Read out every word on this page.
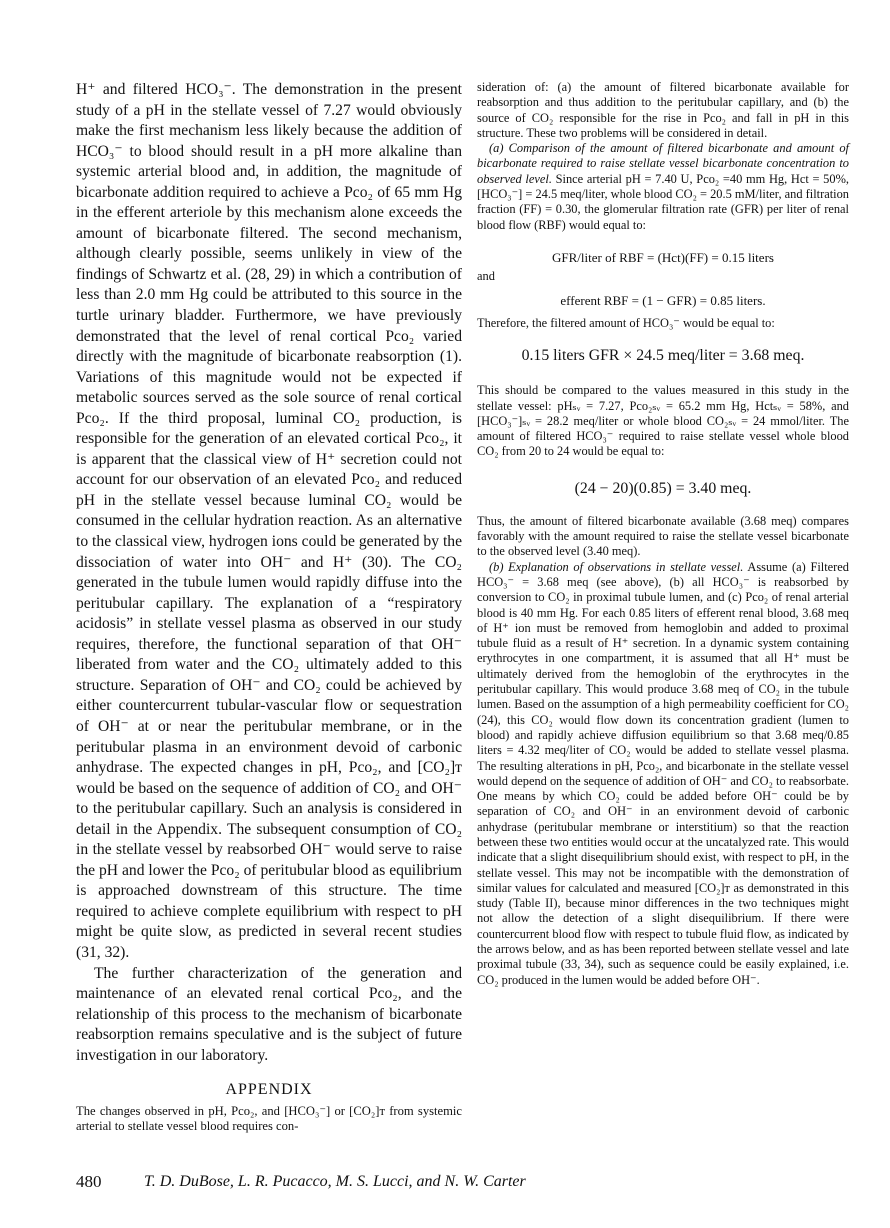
H⁺ and filtered HCO₃⁻. The demonstration in the present study of a pH in the stellate vessel of 7.27 would obviously make the first mechanism less likely because the addition of HCO₃⁻ to blood should result in a pH more alkaline than systemic arterial blood and, in addition, the magnitude of bicarbonate addition required to achieve a Pco₂ of 65 mm Hg in the efferent arteriole by this mechanism alone exceeds the amount of bicarbonate filtered. The second mechanism, although clearly possible, seems unlikely in view of the findings of Schwartz et al. (28, 29) in which a contribution of less than 2.0 mm Hg could be attributed to this source in the turtle urinary bladder. Furthermore, we have previously demonstrated that the level of renal cortical Pco₂ varied directly with the magnitude of bicarbonate reabsorption (1). Variations of this magnitude would not be expected if metabolic sources served as the sole source of renal cortical Pco₂. If the third proposal, luminal CO₂ production, is responsible for the generation of an elevated cortical Pco₂, it is apparent that the classical view of H⁺ secretion could not account for our observation of an elevated Pco₂ and reduced pH in the stellate vessel because luminal CO₂ would be consumed in the cellular hydration reaction. As an alternative to the classical view, hydrogen ions could be generated by the dissociation of water into OH⁻ and H⁺ (30). The CO₂ generated in the tubule lumen would rapidly diffuse into the peritubular capillary. The explanation of a “respiratory acidosis” in stellate vessel plasma as observed in our study requires, therefore, the functional separation of that OH⁻ liberated from water and the CO₂ ultimately added to this structure. Separation of OH⁻ and CO₂ could be achieved by either countercurrent tubular-vascular flow or sequestration of OH⁻ at or near the peritubular membrane, or in the peritubular plasma in an environment devoid of carbonic anhydrase. The expected changes in pH, Pco₂, and [CO₂]ᴛ would be based on the sequence of addition of CO₂ and OH⁻ to the peritubular capillary. Such an analysis is considered in detail in the Appendix. The subsequent consumption of CO₂ in the stellate vessel by reabsorbed OH⁻ would serve to raise the pH and lower the Pco₂ of peritubular blood as equilibrium is approached downstream of this structure. The time required to achieve complete equilibrium with respect to pH might be quite slow, as predicted in several recent studies (31, 32).

The further characterization of the generation and maintenance of an elevated renal cortical Pco₂, and the relationship of this process to the mechanism of bicarbonate reabsorption remains speculative and is the subject of future investigation in our laboratory.

APPENDIX

The changes observed in pH, Pco₂, and [HCO₃⁻] or [CO₂]ᴛ from systemic arterial to stellate vessel blood requires con-

sideration of: (a) the amount of filtered bicarbonate available for reabsorption and thus addition to the peritubular capillary, and (b) the source of CO₂ responsible for the rise in Pco₂ and fall in pH in this structure. These two problems will be considered in detail.

(a) Comparison of the amount of filtered bicarbonate and amount of bicarbonate required to raise stellate vessel bicarbonate concentration to observed level. Since arterial pH = 7.40 U, Pco₂ =40 mm Hg, Hct = 50%, [HCO₃⁻] = 24.5 meq/liter, whole blood CO₂ = 20.5 mM/liter, and filtration fraction (FF) = 0.30, the glomerular filtration rate (GFR) per liter of renal blood flow (RBF) would equal to:

GFR/liter of RBF = (Hct)(FF) = 0.15 liters
and
efferent RBF = (1 − GFR) = 0.85 liters.

Therefore, the filtered amount of HCO₃⁻ would be equal to:

0.15 liters GFR × 24.5 meq/liter = 3.68 meq.

This should be compared to the values measured in this study in the stellate vessel: pHₛᵥ = 7.27, Pco₂ₛᵥ = 65.2 mm Hg, Hctₛᵥ = 58%, and [HCO₃⁻]ₛᵥ = 28.2 meq/liter or whole blood CO₂ₛᵥ = 24 mmol/liter. The amount of filtered HCO₃⁻ required to raise stellate vessel whole blood CO₂ from 20 to 24 would be equal to:

(24 − 20)(0.85) = 3.40 meq.

Thus, the amount of filtered bicarbonate available (3.68 meq) compares favorably with the amount required to raise the stellate vessel bicarbonate to the observed level (3.40 meq).

(b) Explanation of observations in stellate vessel. Assume (a) Filtered HCO₃⁻ = 3.68 meq (see above), (b) all HCO₃⁻ is reabsorbed by conversion to CO₂ in proximal tubule lumen, and (c) Pco₂ of renal arterial blood is 40 mm Hg. For each 0.85 liters of efferent renal blood, 3.68 meq of H⁺ ion must be removed from hemoglobin and added to proximal tubule fluid as a result of H⁺ secretion. In a dynamic system containing erythrocytes in one compartment, it is assumed that all H⁺ must be ultimately derived from the hemoglobin of the erythrocytes in the peritubular capillary. This would produce 3.68 meq of CO₂ in the tubule lumen. Based on the assumption of a high permeability coefficient for CO₂ (24), this CO₂ would flow down its concentration gradient (lumen to blood) and rapidly achieve diffusion equilibrium so that 3.68 meq/0.85 liters = 4.32 meq/liter of CO₂ would be added to stellate vessel plasma. The resulting alterations in pH, Pco₂, and bicarbonate in the stellate vessel would depend on the sequence of addition of OH⁻ and CO₂ to reabsorbate. One means by which CO₂ could be added before OH⁻ could be by separation of CO₂ and OH⁻ in an environment devoid of carbonic anhydrase (peritubular membrane or interstitium) so that the reaction between these two entities would occur at the uncatalyzed rate. This would indicate that a slight disequilibrium should exist, with respect to pH, in the stellate vessel. This may not be incompatible with the demonstration of similar values for calculated and measured [CO₂]ᴛ as demonstrated in this study (Table II), because minor differences in the two techniques might not allow the detection of a slight disequilibrium. If there were countercurrent blood flow with respect to tubule fluid flow, as indicated by the arrows below, and as has been reported between stellate vessel and late proximal tubule (33, 34), such as sequence could be easily explained, i.e. CO₂ produced in the lumen would be added before OH⁻.

480	T. D. DuBose, L. R. Pucacco, M. S. Lucci, and N. W. Carter
